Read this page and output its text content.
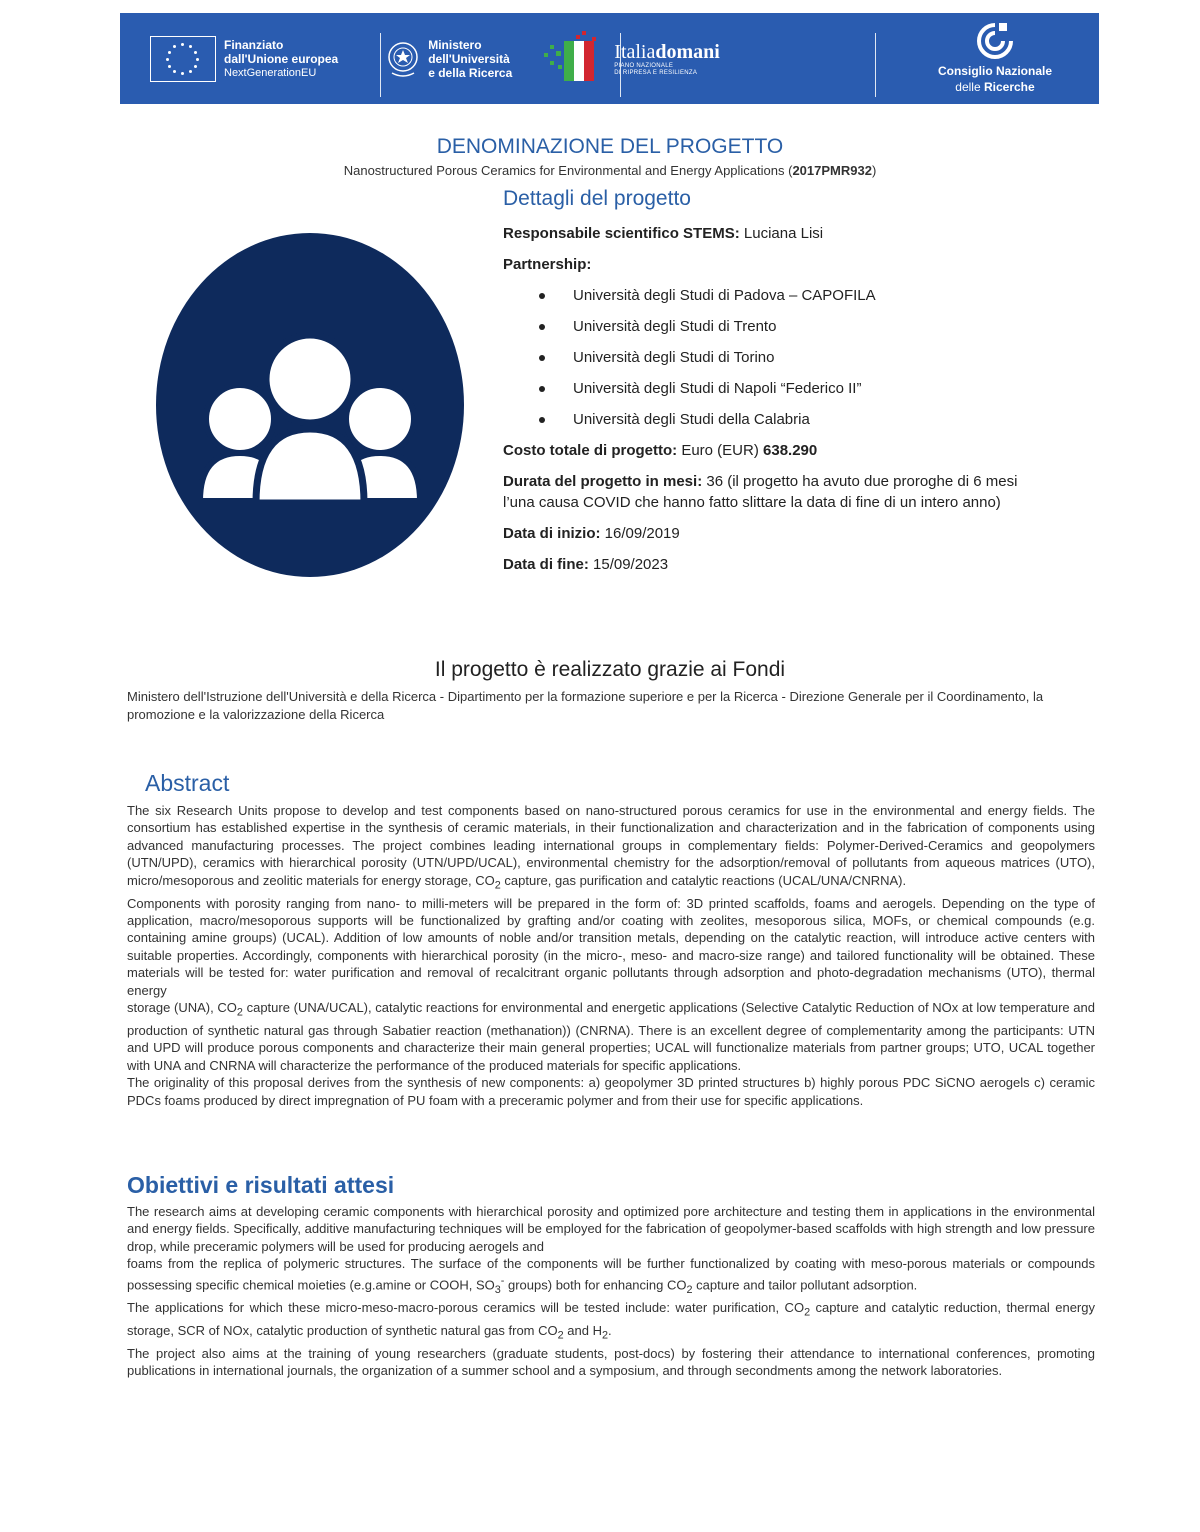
Finanziato
dall'Unione europea
NextGenerationEU
Ministero
dell'Università
e della Ricerca
Italiadomani
PIANO NAZIONALE
DI RIPRESA E RESILIENZA	Consiglio Nazionale
delle Ricerche
DENOMINAZIONE DEL PROGETTO
Nanostructured Porous Ceramics for Environmental and Energy Applications (2017PMR932)
Dettagli del progetto

Responsabile scientifico STEMS: Luciana Lisi

Partnership:

Università degli Studi di Padova – CAPOFILA
Università degli Studi di Trento
Università degli Studi di Torino
Università degli Studi di Napoli “Federico II”
Università degli Studi della Calabria

Costo totale di progetto: Euro (EUR) 638.290

Durata del progetto in mesi: 36 (il progetto ha avuto due proroghe di 6 mesi l’una causa COVID che hanno fatto slittare la data di fine di un intero anno)

Data di inizio: 16/09/2019

Data di fine: 15/09/2023

Il progetto è realizzato grazie ai Fondi
Ministero dell'Istruzione dell'Università e della Ricerca - Dipartimento per la formazione superiore e per la Ricerca - Direzione Generale per il Coordinamento, la promozione e la valorizzazione della Ricerca
Abstract

The six Research Units propose to develop and test components based on nano-structured porous ceramics for use in the environmental and energy fields. The consortium has established expertise in the synthesis of ceramic materials, in their functionalization and characterization and in the fabrication of components using advanced manufacturing processes. The project combines leading international groups in complementary fields: Polymer-Derived-Ceramics and geopolymers (UTN/UPD), ceramics with hierarchical porosity (UTN/UPD/UCAL), environmental chemistry for the adsorption/removal of pollutants from aqueous matrices (UTO), micro/mesoporous and zeolitic materials for energy storage, $CO_2$ capture, gas purification and catalytic reactions (UCAL/UNA/CNRNA).

Components with porosity ranging from nano- to milli-meters will be prepared in the form of: 3D printed scaffolds, foams and aerogels. Depending on the type of application, macro/mesoporous supports will be functionalized by grafting and/or coating with zeolites, mesoporous silica, MOFs, or chemical compounds (e.g. containing amine groups) (UCAL). Addition of low amounts of noble and/or transition metals, depending on the catalytic reaction, will introduce active centers with suitable properties. Accordingly, components with hierarchical porosity (in the micro-, meso- and macro-size range) and tailored functionality will be obtained. These materials will be tested for: water purification and removal of recalcitrant organic pollutants through adsorption and photo-degradation mechanisms (UTO), thermal energy

storage (UNA), $CO_2$ capture (UNA/UCAL), catalytic reactions for environmental and energetic applications (Selective Catalytic Reduction of NOx at low temperature and production of synthetic natural gas through Sabatier reaction (methanation)) (CNRNA). There is an excellent degree of complementarity among the participants: UTN and UPD will produce porous components and characterize their main general properties; UCAL will functionalize materials from partner groups; UTO, UCAL together with UNA and CNRNA will characterize the performance of the produced materials for specific applications.

The originality of this proposal derives from the synthesis of new components: a) geopolymer 3D printed structures b) highly porous PDC SiCNO aerogels c) ceramic PDCs foams produced by direct impregnation of PU foam with a preceramic polymer and from their use for specific applications.

Obiettivi e risultati attesi

The research aims at developing ceramic components with hierarchical porosity and optimized pore architecture and testing them in applications in the environmental and energy fields. Specifically, additive manufacturing techniques will be employed for the fabrication of geopolymer-based scaffolds with high strength and low pressure drop, while preceramic polymers will be used for producing aerogels and

foams from the replica of polymeric structures. The surface of the components will be further functionalized by coating with meso-porous materials or compounds possessing specific chemical moieties (e.g.amine or COOH, $SO_3^-$ groups) both for enhancing $CO_2$ capture and tailor pollutant adsorption.

The applications for which these micro-meso-macro-porous ceramics will be tested include: water purification, $CO_2$ capture and catalytic reduction, thermal energy storage, SCR of NOx, catalytic production of synthetic natural gas from $CO_2$ and $H_2$.

The project also aims at the training of young researchers (graduate students, post-docs) by fostering their attendance to international conferences, promoting publications in international journals, the organization of a summer school and a symposium, and through secondments among the network laboratories.
